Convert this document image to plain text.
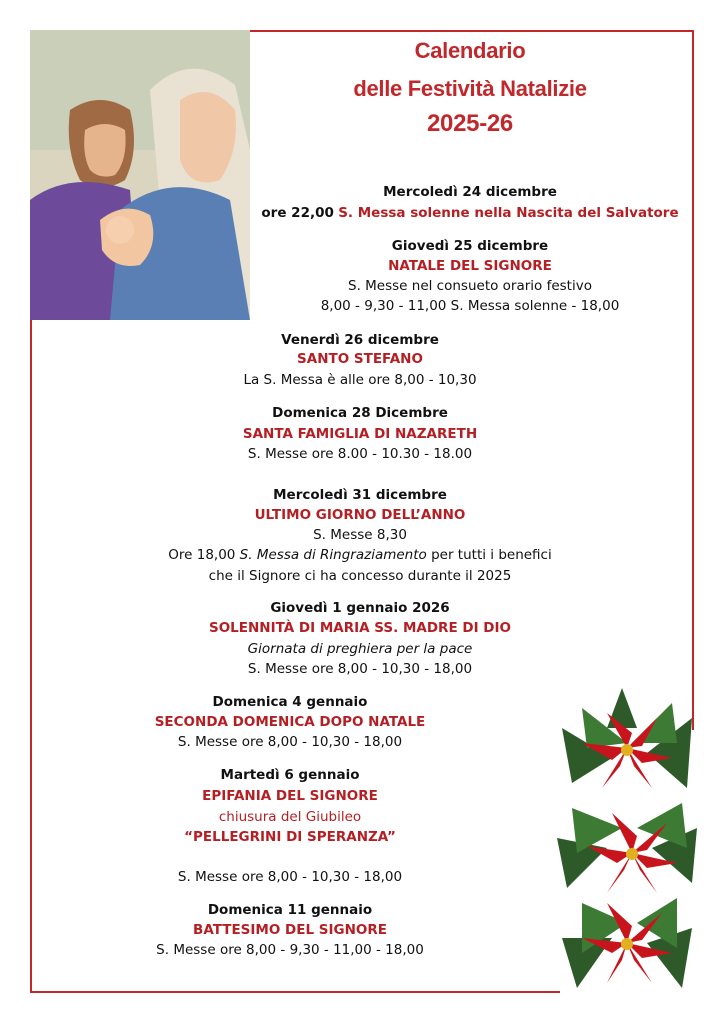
Calendario
delle Festività Natalizie
2025-26
Mercoledì 24 dicembre
ore 22,00 S. Messa solenne nella Nascita del Salvatore
Giovedì 25 dicembre
NATALE DEL SIGNORE
S. Messe nel consueto orario festivo
8,00 - 9,30 - 11,00 S. Messa solenne - 18,00
Venerdì 26 dicembre
SANTO STEFANO
La S. Messa è alle ore 8,00 - 10,30
Domenica 28 Dicembre
SANTA FAMIGLIA DI NAZARETH
S. Messe ore 8.00 - 10.30 - 18.00
Mercoledì 31 dicembre
ULTIMO GIORNO DELL’ANNO
S. Messe 8,30
Ore 18,00 S. Messa di Ringraziamento per tutti i benefici
che il Signore ci ha concesso durante il 2025
Giovedì 1 gennaio 2026
SOLENNITÀ DI MARIA SS. MADRE DI DIO
Giornata di preghiera per la pace
S. Messe ore 8,00 - 10,30 - 18,00
Domenica 4 gennaio
SECONDA DOMENICA DOPO NATALE
S. Messe ore 8,00 - 10,30 - 18,00
Martedì 6 gennaio
EPIFANIA DEL SIGNORE
chiusura del Giubileo
“PELLEGRINI DI SPERANZA”
S. Messe ore 8,00 - 10,30 - 18,00
Domenica 11 gennaio
BATTESIMO DEL SIGNORE
S. Messe ore 8,00 - 9,30 - 11,00 - 18,00
